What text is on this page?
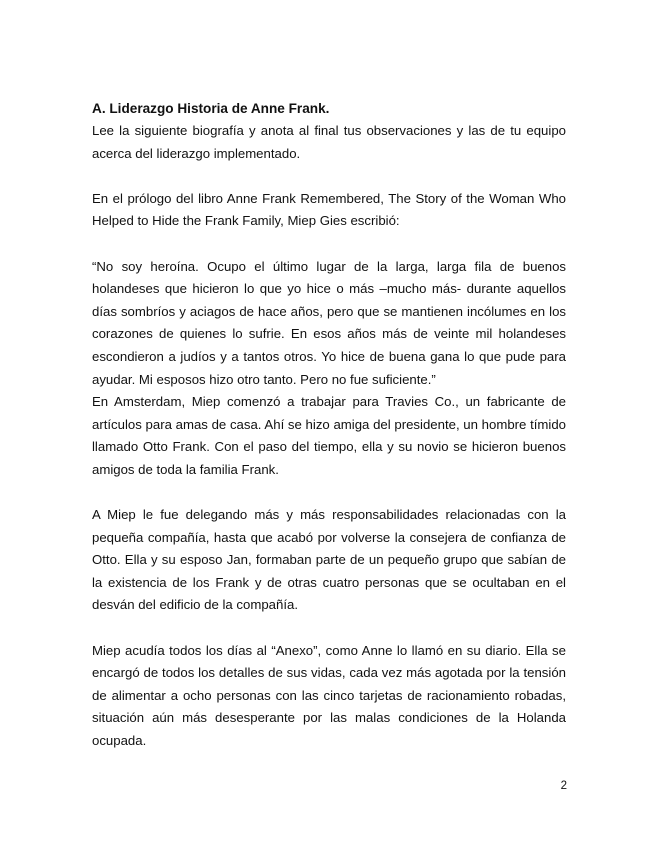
A. Liderazgo Historia de Anne Frank.

Lee la siguiente biografía y anota al final tus observaciones y las de tu equipo acerca del liderazgo implementado.

En el prólogo del libro Anne Frank Remembered, The Story of the Woman Who Helped to Hide the Frank Family, Miep Gies escribió:

“No soy heroína. Ocupo el último lugar de la larga, larga fila de buenos holandeses que hicieron lo que yo hice o más –mucho más- durante aquellos días sombríos y aciagos de hace años, pero que se mantienen incólumes en los corazones de quienes lo sufrie. En esos años más de veinte mil holandeses escondieron a judíos y a tantos otros. Yo hice de buena gana lo que pude para ayudar. Mi esposos hizo otro tanto. Pero no fue suficiente.”

En Amsterdam, Miep comenzó a trabajar para Travies Co., un fabricante de artículos para amas de casa. Ahí se hizo amiga del presidente, un hombre tímido llamado Otto Frank. Con el paso del tiempo, ella y su novio se hicieron buenos amigos de toda la familia Frank.

A Miep le fue delegando más y más responsabilidades relacionadas con la pequeña compañía, hasta que acabó por volverse la consejera de confianza de Otto. Ella y su esposo Jan, formaban parte de un pequeño grupo que sabían de la existencia de los Frank y de otras cuatro personas que se ocultaban en el desván del edificio de la compañía.

Miep acudía todos los días al “Anexo”, como Anne lo llamó en su diario. Ella se encargó de todos los detalles de sus vidas, cada vez más agotada por la tensión de alimentar a ocho personas con las cinco tarjetas de racionamiento robadas, situación aún más desesperante por las malas condiciones de la Holanda ocupada.

2
